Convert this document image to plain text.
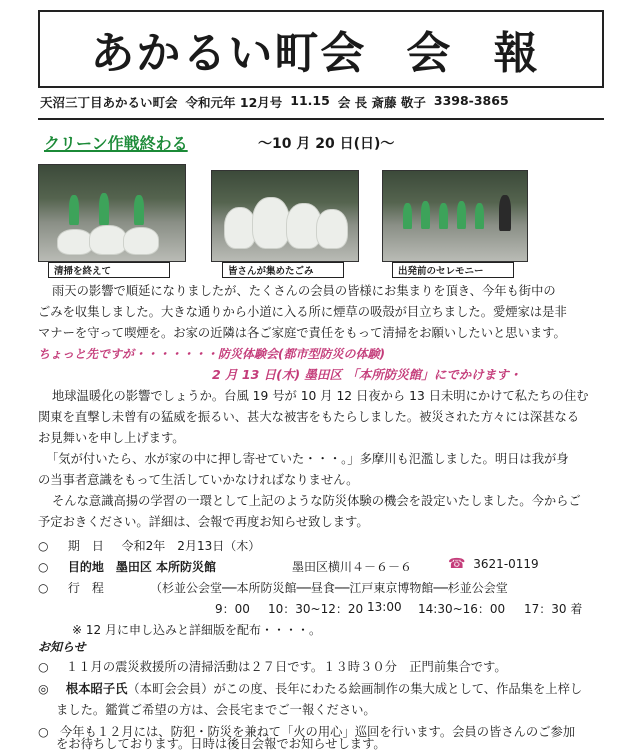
あかるい町会 会 報
天沼三丁目あかるい町会 令和元年 12月号 11.15 会 長 斎藤 敬子 3398-3865
クリーン作戦終わる	〜10 月 20 日(日)〜
清掃を終えて	皆さんが集めたごみ	出発前のセレモニー
雨天の影響で順延になりましたが、たくさんの会員の皆様にお集まりを頂き、今年も街中の
ごみを収集しました。大きな通りから小道に入る所に煙草の吸殻が目立ちました。愛煙家は是非
マナーを守って喫煙を。お家の近隣は各ご家庭で責任をもって清掃をお願いしたいと思います。
ちょっと先ですが・・・・・・・防災体験会(都市型防災の体験)
2 月 13 日(木) 墨田区 「本所防災館」にでかけます・
地球温暖化の影響でしょうか。台風 19 号が 10 月 12 日夜から 13 日未明にかけて私たちの住む
関東を直撃し未曾有の猛威を振るい、甚大な被害をもたらしました。被災された方々には深甚なる
お見舞いを申し上げます。
「気が付いたら、水が家の中に押し寄せていた・・・。」多摩川も氾濫しました。明日は我が身
の当事者意識をもって生活していかなければなりません。
そんな意識高揚の学習の一環として上記のような防災体験の機会を設定いたしました。今からご
予定おきください。詳細は、会報で再度お知らせ致します。
○ 期　日 令和2年　2月13日（木）
○ 目的地　墨田区 本所防災館	墨田区横川４－６－６	☎ 3621-0119
○ 行　程	（杉並公会堂──本所防災館──昼食──江戸東京博物館──杉並公会堂
9：00 10：30~12：20 13:00 14:30~16：00 17：30 着
※ 12 月に申し込みと詳細版を配布・・・・。
お知らせ
○ １１月の震災救援所の清掃活動は２７日です。１３時３０分　正門前集合です。
◎ 根本昭子氏（本町会会員）がこの度、長年にわたる絵画制作の集大成として、作品集を上梓し
ました。鑑賞ご希望の方は、会長宅までご一報ください。
○ 今年も１２月には、防犯・防災を兼ねて「火の用心」巡回を行います。会員の皆さんのご参加
をお待ちしております。日時は後日会報でお知らせします。
